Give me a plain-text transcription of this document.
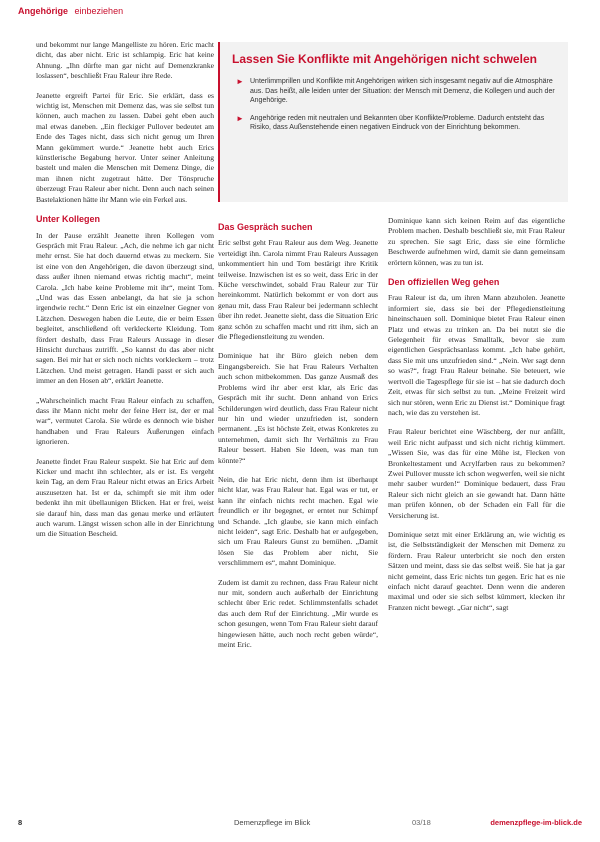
Angehörige einbeziehen

und bekommt nur lange Mangelliste zu hören. Eric macht dicht, das aber nicht. Eric ist schlampig. Eric hat keine Ahnung. „Ihn dürfte man gar nicht auf Demenzkranke loslassen“, beschließt Frau Raleur ihre Rede.

Jeanette ergreift Partei für Eric. Sie erklärt, dass es wichtig ist, Menschen mit Demenz das, was sie selbst tun können, auch machen zu lassen. Dabei geht eben auch mal etwas daneben. „Ein fleckiger Pullover bedeutet am Ende des Tages nicht, dass sich nicht genug um Ihren Mann gekümmert wurde.“ Jeanette hebt auch Erics künstlerische Begabung hervor. Unter seiner Anleitung bastelt und malen die Menschen mit Demenz Dinge, die man ihnen nicht zugetraut hätte. Der Tönspruche überzeugt Frau Raleur aber nicht. Denn auch nach seinen Bastelaktionen hätte ihr Mann wie ein Ferkel aus.

Unter Kollegen

In der Pause erzählt Jeanette ihren Kollegen vom Gespräch mit Frau Raleur. „Ach, die nehme ich gar nicht mehr ernst. Sie hat doch dauernd etwas zu meckern. Sie ist eine von den Angehörigen, die davon überzeugt sind, dass außer ihnen niemand etwas richtig macht“, meint Carola. „Ich habe keine Probleme mit ihr“, meint Tom. „Und was das Essen anbelangt, da hat sie ja schon irgendwie recht.“ Denn Eric ist ein einzelner Gegner von Lätzchen. Deswegen haben die Leute, die er beim Essen begleitet, anschließend oft verkleckerte Kleidung. Tom fördert deshalb, dass Frau Raleurs Aussage in dieser Hinsicht durchaus zutrifft. „So kannst du das aber nicht sagen. Bei mir hat er sich noch nichts vorkleckern – trotz Lätzchen. Und meist getragen. Handi passt er sich auch immer an den Hosen ab“, erklärt Jeanette.

„Wahrscheinlich macht Frau Raleur einfach zu schaffen, dass ihr Mann nicht mehr der feine Herr ist, der er mal war“, vermutet Carola. Sie würde es dennoch wie bisher handhaben und Frau Raleurs Äußerungen einfach ignorieren.

Jeanette findet Frau Raleur suspekt. Sie hat Eric auf dem Kicker und macht ihn schlechter, als er ist. Es vergeht kein Tag, an dem Frau Raleur nicht etwas an Erics Arbeit auszusetzen hat. Ist er da, schimpft sie mit ihm oder bedenkt ihn mit übellaunigen Blicken. Hat er frei, weist sie darauf hin, dass man das genau merke und erläutert auch warum. Längst wissen schon alle in der Einrichtung um die Situation Bescheid.

Lassen Sie Konflikte mit Angehörigen nicht schwelen
► Unterlimmprillen und Konflikte mit Angehörigen wirken sich insgesamt negativ auf die Atmosphäre aus. Das heißt, alle leiden unter der Situation: der Mensch mit Demenz, die Kollegen und auch der Angehörige.
► Angehörige reden mit neutralen und Bekannten über Konflikte/Probleme. Dadurch entsteht das Risiko, dass Außenstehende einen negativen Eindruck von der Einrichtung bekommen.
Das Gespräch suchen

Eric selbst geht Frau Raleur aus dem Weg. Jeanette verteidigt ihn. Carola nimmt Frau Raleurs Aussagen unkommentiert hin und Tom bestärigt ihre Kritik teilweise. Inzwischen ist es so weit, dass Eric in der Küche verschwindet, sobald Frau Raleur zur Tür hereinkommt. Natürlich bekommt er von dort aus genau mit, dass Frau Raleur bei jedermann schlecht über ihn redet. Jeanette sieht, dass die Situation Eric ganz schön zu schaffen macht und ritt ihm, sich an die Pflegedienstleitung zu wenden.

Dominique hat ihr Büro gleich neben dem Eingangsbereich. Sie hat Frau Raleurs Verhalten auch schon mitbekommen. Das ganze Ausmaß des Problems wird ihr aber erst klar, als Eric das Gespräch mit ihr sucht. Denn anhand von Erics Schilderungen wird deutlich, dass Frau Raleur nicht nur hin und wieder unzufrieden ist, sondern permanent. „Es ist höchste Zeit, etwas Konkretes zu unternehmen, damit sich Ihr Verhältnis zu Frau Raleur bessert. Haben Sie Ideen, was man tun könnte?“

Nein, die hat Eric nicht, denn ihm ist überhaupt nicht klar, was Frau Raleur hat. Egal was er tut, er kann ihr einfach nichts recht machen. Egal wie freundlich er ihr begegnet, er erntet nur Schimpf und Schande. „Ich glaube, sie kann mich einfach nicht leiden“, sagt Eric. Deshalb hat er aufgegeben, sich um Frau Raleurs Gunst zu bemühen. „Damit lösen Sie das Problem aber nicht, Sie verschlimmern es“, mahnt Dominique.

Zudem ist damit zu rechnen, dass Frau Raleur nicht nur mit, sondern auch außerhalb der Einrichtung schlecht über Eric redet. Schlimmstenfalls schadet das auch dem Ruf der Einrichtung. „Mir wurde es schon gesungen, wenn Tom Frau Raleur sieht darauf hingewiesen hätte, auch noch recht geben würde“, meint Eric.

Dominique kann sich keinen Reim auf das eigentliche Problem machen. Deshalb beschließt sie, mit Frau Raleur zu sprechen. Sie sagt Eric, dass sie eine förmliche Beschwerde aufnehmen wird, damit sie dann gemeinsam erörtern können, was zu tun ist.

Den offiziellen Weg gehen

Frau Raleur ist da, um ihren Mann abzuholen. Jeanette informiert sie, dass sie bei der Pflegedienstleitung hineinschauen soll. Dominique bietet Frau Raleur einen Platz und etwas zu trinken an. Da bei nutzt sie die Gelegenheit für etwas Smalltalk, bevor sie zum eigentlichen Gesprächsanlass kommt. „Ich habe gehört, dass Sie mit uns unzufrieden sind.“ „Nein. Wer sagt denn so was?“, fragt Frau Raleur beinahe. Sie beteuert, wie wertvoll die Tagespflege für sie ist – hat sie dadurch doch Zeit, etwas für sich selbst zu tun. „Meine Freizeit wird sich nur stören, wenn Eric zu Dienst ist.“ Dominique fragt nach, wie das zu verstehen ist.

Frau Raleur berichtet eine Wäschberg, der nur anfällt, weil Eric nicht aufpasst und sich nicht richtig kümmert. „Wissen Sie, was das für eine Mühe ist, Flecken von Bronkeltestament und Acrylfarben raus zu bekommen? Zwei Pullover musste ich schon wegwerfen, weil sie nicht mehr sauber wurden!“ Dominique bedauert, dass Frau Raleur sich nicht gleich an sie gewandt hat. Dann hätte man prüfen können, ob der Schaden ein Fall für die Versicherung ist.

Dominique setzt mit einer Erklärung an, wie wichtig es ist, die Selbstständigkeit der Menschen mit Demenz zu fördern. Frau Raleur unterbricht sie noch den ersten Sätzen und meint, dass sie das selbst weiß. Sie hat ja gar nicht gemeint, dass Eric nichts tun gegen. Eric hat es nie einfach nicht darauf geachtet. Denn wenn die anderen maximal und oder sie sich selbst kümmert, klecken ihr Franzen nicht bewegt. „Gar nicht“, sagt

8	Demenzpflege im Blick	03/18	demenzpflege-im-blick.de
